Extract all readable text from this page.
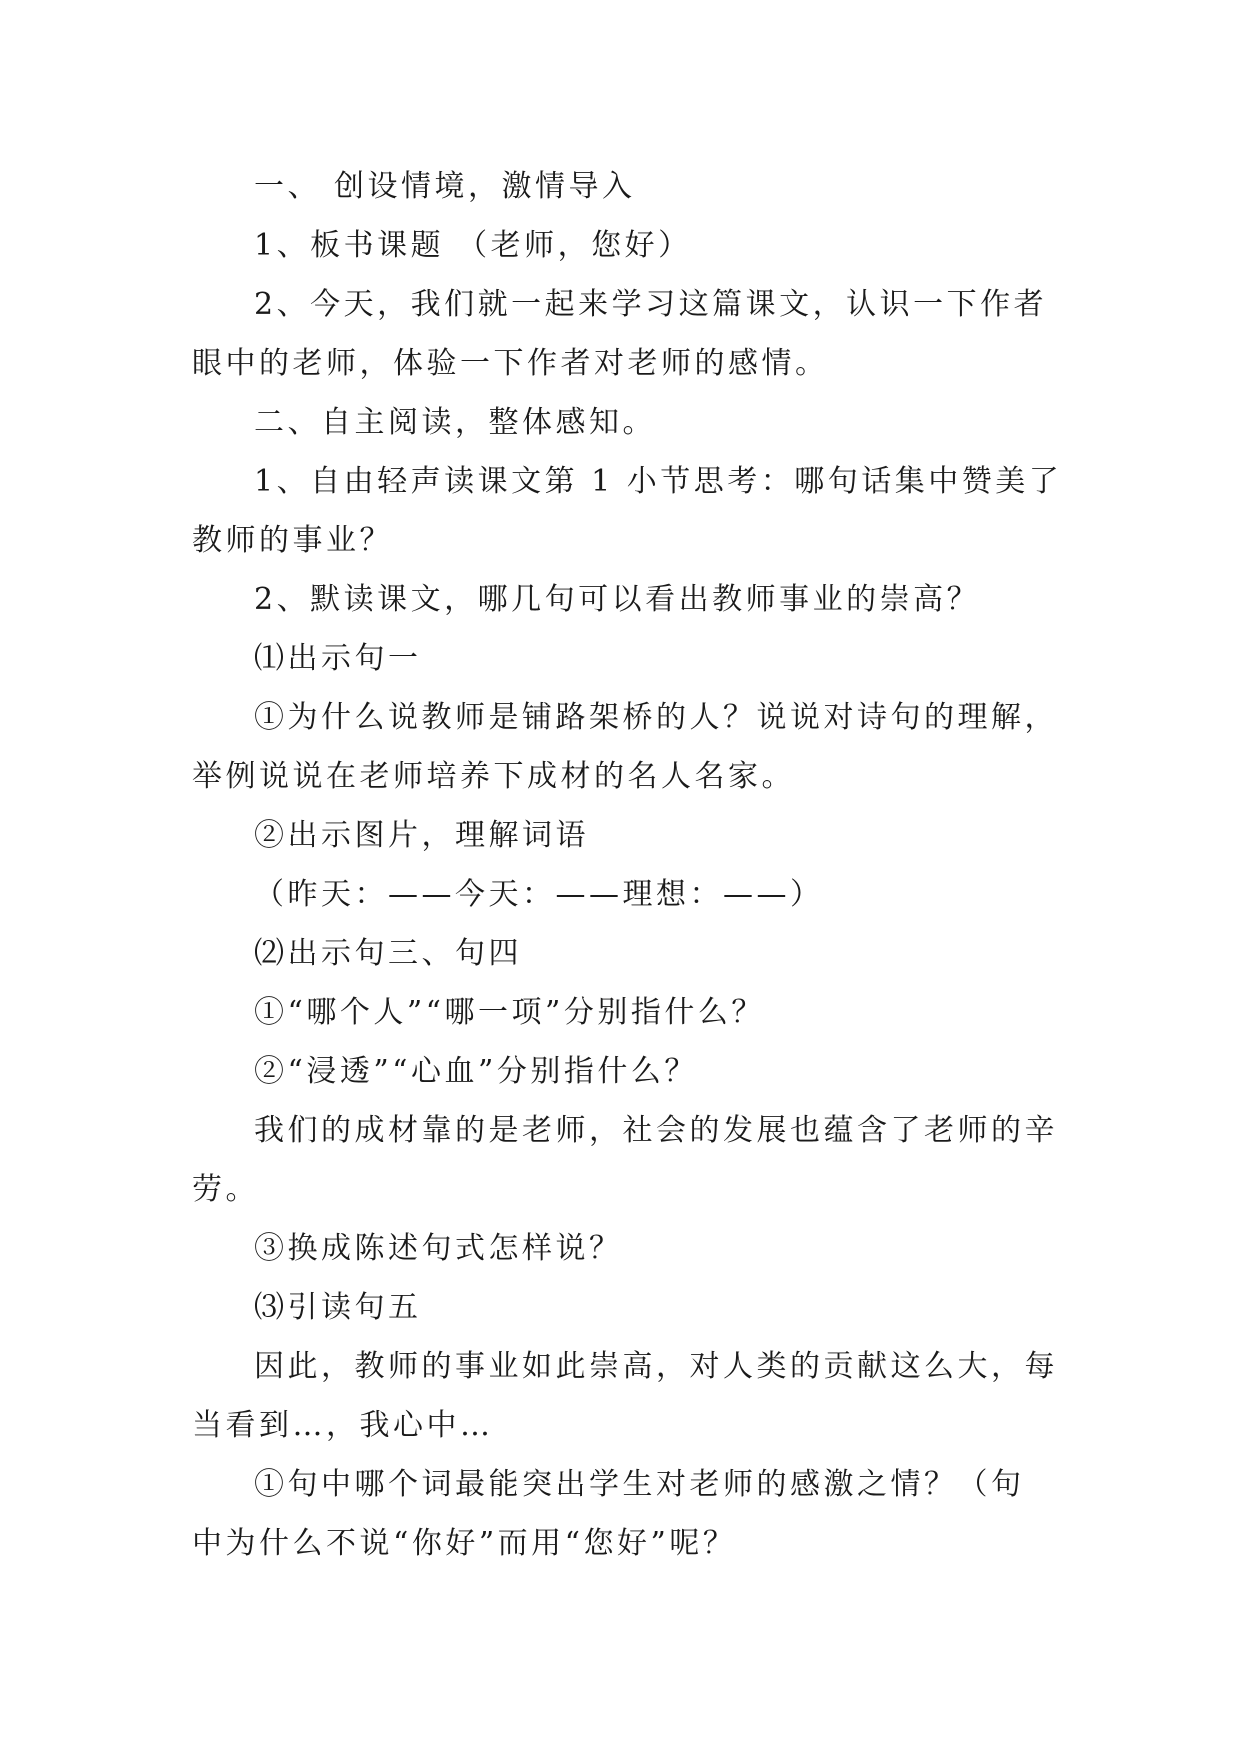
一、 创设情境，激情导入
1、板书课题 （老师，您好）
2、今天，我们就一起来学习这篇课文，认识一下作者
眼中的老师，体验一下作者对老师的感情。
二、自主阅读，整体感知。
1、自由轻声读课文第 1 小节思考：哪句话集中赞美了
教师的事业？
2、默读课文，哪几句可以看出教师事业的崇高？
⑴出示句一
①为什么说教师是铺路架桥的人？说说对诗句的理解，
举例说说在老师培养下成材的名人名家。
②出示图片，理解词语
（昨天：——今天：——理想：——）
⑵出示句三、句四
①“哪个人”“哪一项”分别指什么？
②“浸透”“心血”分别指什么？
我们的成材靠的是老师，社会的发展也蕴含了老师的辛
劳。
③换成陈述句式怎样说？
⑶引读句五
因此，教师的事业如此崇高，对人类的贡献这么大，每
当看到…，我心中…
①句中哪个词最能突出学生对老师的感激之情？（句
中为什么不说“你好”而用“您好”呢？
